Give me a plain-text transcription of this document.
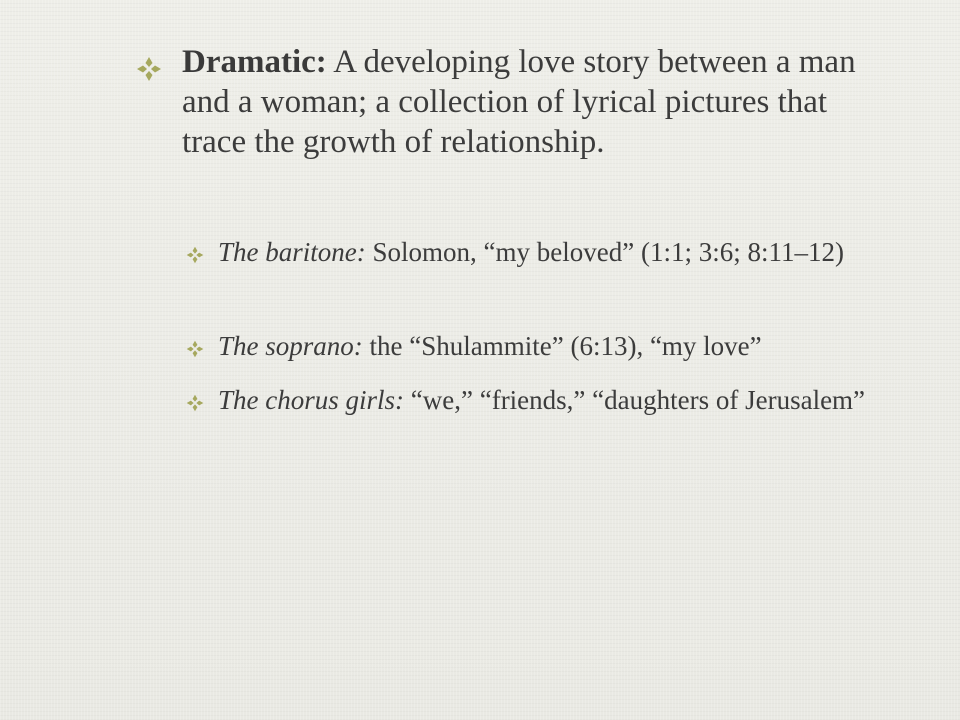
Dramatic: A developing love story between a man and a woman; a collection of lyrical pictures that trace the growth of relationship.
The baritone: Solomon, “my beloved” (1:1; 3:6; 8:11–12)
The soprano: the “Shulammite” (6:13), “my love”
The chorus girls: “we,” “friends,” “daughters of Jerusalem”
